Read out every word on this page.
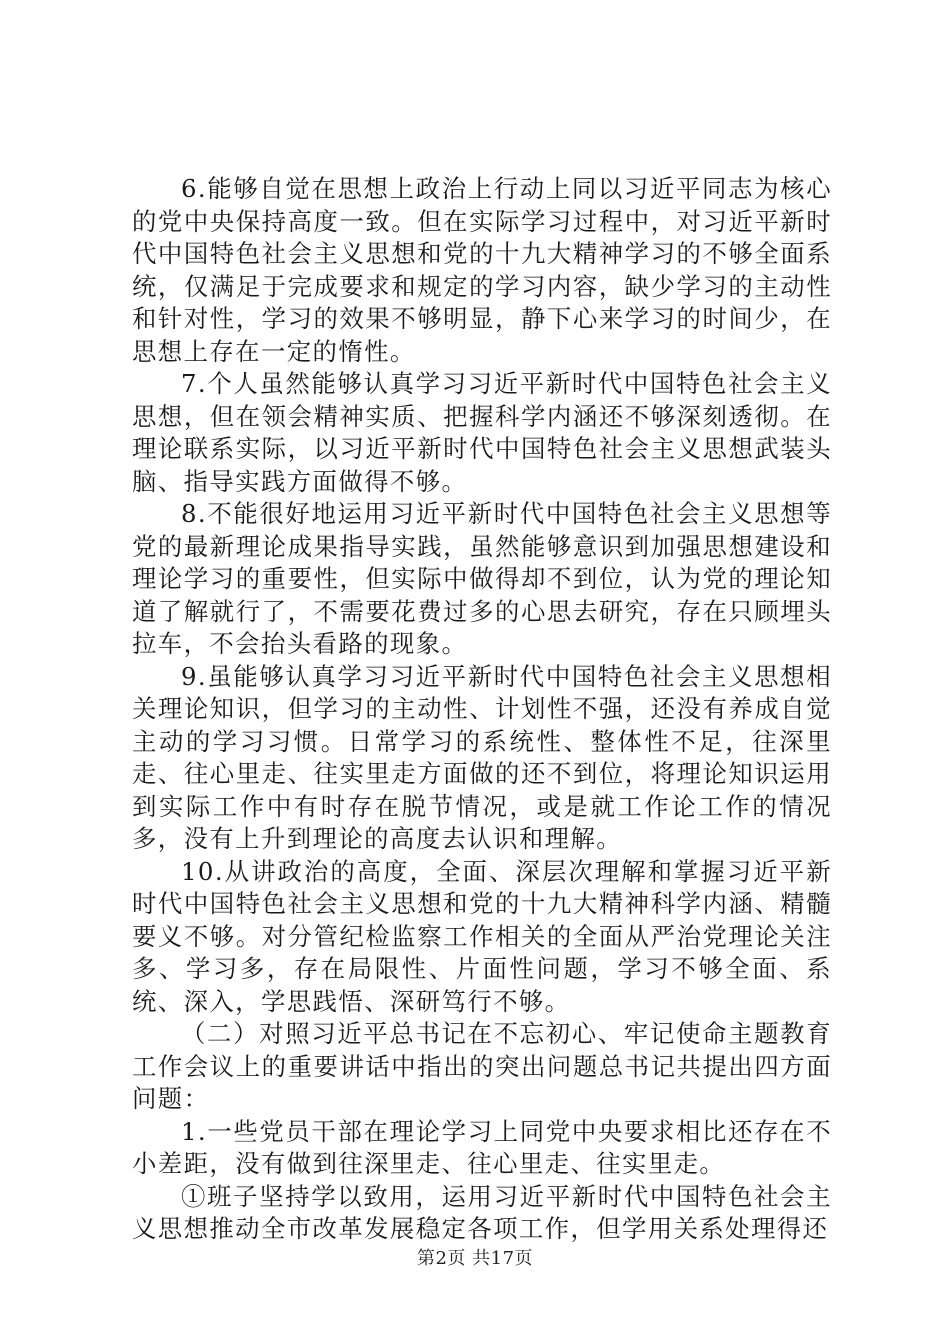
6.能够自觉在思想上政治上行动上同以习近平同志为核心的党中央保持高度一致。但在实际学习过程中，对习近平新时代中国特色社会主义思想和党的十九大精神学习的不够全面系统，仅满足于完成要求和规定的学习内容，缺少学习的主动性和针对性，学习的效果不够明显，静下心来学习的时间少，在思想上存在一定的惰性。

7.个人虽然能够认真学习习近平新时代中国特色社会主义思想，但在领会精神实质、把握科学内涵还不够深刻透彻。在理论联系实际，以习近平新时代中国特色社会主义思想武装头脑、指导实践方面做得不够。

8.不能很好地运用习近平新时代中国特色社会主义思想等党的最新理论成果指导实践，虽然能够意识到加强思想建设和理论学习的重要性，但实际中做得却不到位，认为党的理论知道了解就行了，不需要花费过多的心思去研究，存在只顾埋头拉车，不会抬头看路的现象。

9.虽能够认真学习习近平新时代中国特色社会主义思想相关理论知识，但学习的主动性、计划性不强，还没有养成自觉主动的学习习惯。日常学习的系统性、整体性不足，往深里走、往心里走、往实里走方面做的还不到位，将理论知识运用到实际工作中有时存在脱节情况，或是就工作论工作的情况多，没有上升到理论的高度去认识和理解。

10.从讲政治的高度，全面、深层次理解和掌握习近平新时代中国特色社会主义思想和党的十九大精神科学内涵、精髓要义不够。对分管纪检监察工作相关的全面从严治党理论关注多、学习多，存在局限性、片面性问题，学习不够全面、系统、深入，学思践悟、深研笃行不够。

（二）对照习近平总书记在不忘初心、牢记使命主题教育工作会议上的重要讲话中指出的突出问题总书记共提出四方面问题：

1.一些党员干部在理论学习上同党中央要求相比还存在不小差距，没有做到往深里走、往心里走、往实里走。

①班子坚持学以致用，运用习近平新时代中国特色社会主义思想推动全市改革发展稳定各项工作，但学用关系处理得还

第2页 共17页
